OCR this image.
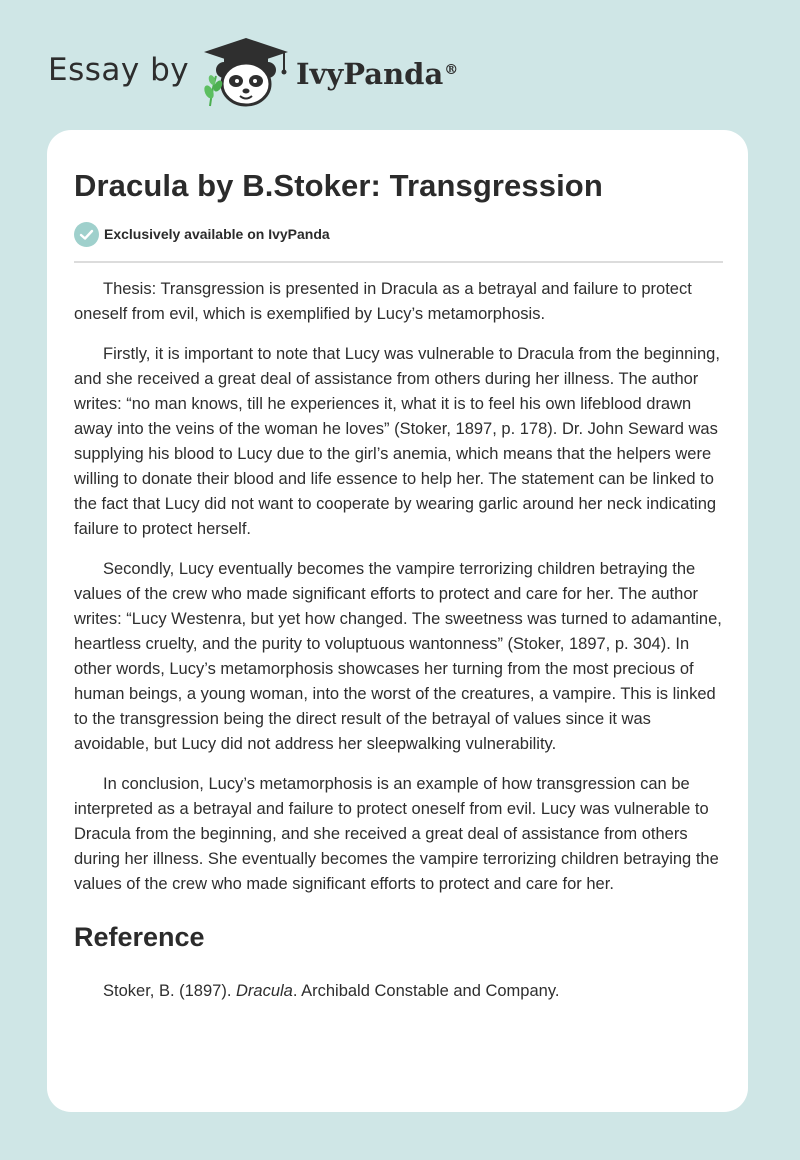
Essay by	IvyPanda®
Dracula by B.Stoker: Transgression
Exclusively available on IvyPanda

Thesis: Transgression is presented in Dracula as a betrayal and failure to protect oneself from evil, which is exemplified by Lucy’s metamorphosis.

Firstly, it is important to note that Lucy was vulnerable to Dracula from the beginning, and she received a great deal of assistance from others during her illness. The author writes: “no man knows, till he experiences it, what it is to feel his own lifeblood drawn away into the veins of the woman he loves” (Stoker, 1897, p. 178). Dr. John Seward was supplying his blood to Lucy due to the girl’s anemia, which means that the helpers were willing to donate their blood and life essence to help her. The statement can be linked to the fact that Lucy did not want to cooperate by wearing garlic around her neck indicating failure to protect herself.

Secondly, Lucy eventually becomes the vampire terrorizing children betraying the values of the crew who made significant efforts to protect and care for her. The author writes: “Lucy Westenra, but yet how changed. The sweetness was turned to adamantine, heartless cruelty, and the purity to voluptuous wantonness” (Stoker, 1897, p. 304). In other words, Lucy’s metamorphosis showcases her turning from the most precious of human beings, a young woman, into the worst of the creatures, a vampire. This is linked to the transgression being the direct result of the betrayal of values since it was avoidable, but Lucy did not address her sleepwalking vulnerability.

In conclusion, Lucy’s metamorphosis is an example of how transgression can be interpreted as a betrayal and failure to protect oneself from evil. Lucy was vulnerable to Dracula from the beginning, and she received a great deal of assistance from others during her illness. She eventually becomes the vampire terrorizing children betraying the values of the crew who made significant efforts to protect and care for her.

Reference

Stoker, B. (1897). Dracula. Archibald Constable and Company.
